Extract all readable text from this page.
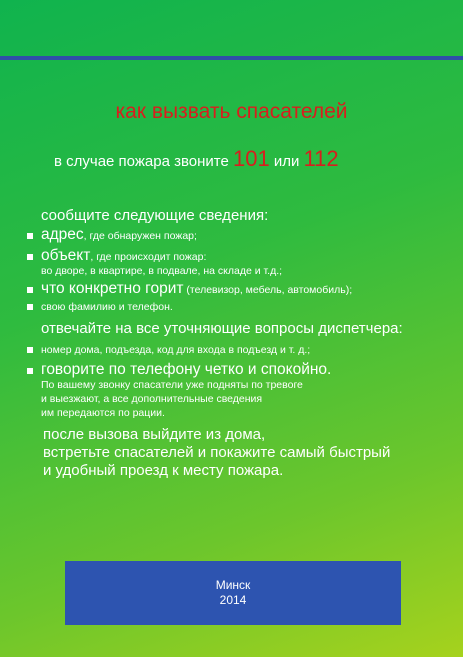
как вызвать спасателей
в случае пожара звоните 101 или 112
сообщите следующие сведения:
адрес, где обнаружен пожар;
объект, где происходит пожар:
во дворе, в квартире, в подвале, на складе и т.д.;
что конкретно горит (телевизор, мебель, автомобиль);
свою фамилию и телефон.
отвечайте на все уточняющие вопросы диспетчера:
номер дома, подъезда, код для входа в подъезд и т. д.;
говорите по телефону четко и спокойно.
По вашему звонку спасатели уже подняты по тревоге
и выезжают, а все дополнительные сведения
им передаются по рации.
после вызова выйдите из дома,
встретьте спасателей и покажите самый быстрый
и удобный проезд к месту пожара.
Минск
2014
